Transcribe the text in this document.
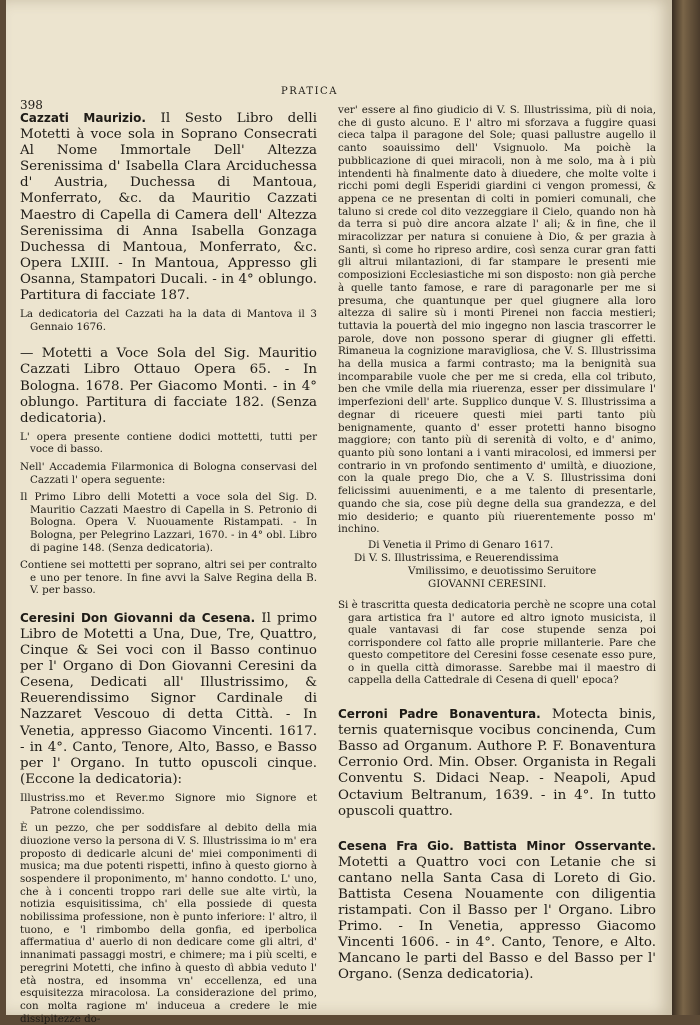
PRATICA
398

Cazzati Maurizio. Il Sesto Libro delli Motetti à voce sola in Soprano Consecrati Al Nome Immortale Dell' Altezza Serenissima d' Isabella Clara Arciduchessa d' Austria, Duchessa di Mantoua, Monferrato, &c. da Mauritio Cazzati Maestro di Capella di Camera dell' Altezza Serenissima di Anna Isabella Gonzaga Duchessa di Mantoua, Monferrato, &c. Opera LXIII. - In Mantoua, Appresso gli Osanna, Stampatori Ducali. - in 4° oblungo. Partitura di facciate 187.

La dedicatoria del Cazzati ha la data di Mantova il 3 Gennaio 1676.

— Motetti a Voce Sola del Sig. Mauritio Cazzati Libro Ottauo Opera 65. - In Bologna. 1678. Per Giacomo Monti. - in 4° oblungo. Partitura di facciate 182. (Senza dedicatoria).

L' opera presente contiene dodici mottetti, tutti per voce di basso.

Nell' Accademia Filarmonica di Bologna conservasi del Cazzati l' opera seguente:

Il Primo Libro delli Motetti a voce sola del Sig. D. Mauritio Cazzati Maestro di Capella in S. Petronio di Bologna. Opera V. Nuouamente Ristampati. - In Bologna, per Pelegrino Lazzari, 1670. - in 4° obl. Libro di pagine 148. (Senza dedicatoria).

Contiene sei mottetti per soprano, altri sei per contralto e uno per tenore. In fine avvi la Salve Regina della B. V. per basso.

Ceresini Don Giovanni da Cesena. Il primo Libro de Motetti a Una, Due, Tre, Quattro, Cinque & Sei voci con il Basso continuo per l' Organo di Don Giovanni Ceresini da Cesena, Dedicati all' Illustrissimo, & Reuerendissimo Signor Cardinale di Nazzaret Vescouo di detta Città. - In Venetia, appresso Giacomo Vincenti. 1617. - in 4°. Canto, Tenore, Alto, Basso, e Basso per l' Organo. In tutto opuscoli cinque. (Eccone la dedicatoria):

Illustriss.mo et Rever.mo Signore mio Signore et Patrone colendissimo.

È un pezzo, che per soddisfare al debito della mia diuozione verso la persona di V. S. Illustrissima io m' era proposto di dedicarle alcuni de' miei componimenti di musica; ma due potenti rispetti, infino à questo giorno à sospendere il proponimento, m' hanno condotto. L' uno, che à i concenti troppo rari delle sue alte virtù, la notizia esquisitissima, ch' ella possiede di questa nobilissima professione, non è punto inferiore: l' altro, il tuono, e 'l rimbombo della gonfia, ed iperbolica affermatiua d' auerlo di non dedicare come gli altri, d' innanimati passaggi mostri, e chimere; ma i più scelti, e peregrini Motetti, che infino à questo dì abbia veduto l' età nostra, ed insomma vn' eccellenza, ed una esquisitezza miracolosa. La considerazione del primo, con molta ragione m' induceua a credere le mie dissipitezze do-

ver' essere al fino giudicio di V. S. Illustrissima, più di noia, che di gusto alcuno. E l' altro mi sforzava a fuggire quasi cieca talpa il paragone del Sole; quasi pallustre augello il canto soauissimo dell' Vsignuolo. Ma poichè la pubblicazione di quei miracoli, non à me solo, ma à i più intendenti hà finalmente dato à diuedere, che molte volte i ricchi pomi degli Esperidi giardini ci vengon promessi, & appena ce ne presentan di colti in pomieri comunali, che taluno si crede col dito vezzeggiare il Cielo, quando non hà da terra si può dire ancora alzate l' ali; & in fine, che il miracolizzar per natura si conuiene à Dio, & per grazia à Santi, sì come ho ripreso ardire, così senza curar gran fatti gli altrui milantazioni, di far stampare le presenti mie composizioni Ecclesiastiche mi son disposto: non già perche à quelle tanto famose, e rare di paragonarle per me si presuma, che quantunque per quel giugnere alla loro altezza di salire sù i monti Pirenei non faccia mestieri; tuttavia la pouertà del mio ingegno non lascia trascorrer le parole, dove non possono sperar di giugner gli effetti. Rimaneua la cognizione maravigliosa, che V. S. Illustrissima ha della musica a farmi contrasto; ma la benignità sua incomparabile vuole che per me si creda, ella col tributo, ben che vmile della mia riuerenza, esser per dissimulare l' imperfezioni dell' arte. Supplico dunque V. S. Illustrissima a degnar di riceuere questi miei parti tanto più benignamente, quanto d' esser protetti hanno bisogno maggiore; con tanto più di serenità di volto, e d' animo, quanto più sono lontani a i vanti miracolosi, ed immersi per contrario in vn profondo sentimento d' umiltà, e diuozione, con la quale prego Dio, che a V. S. Illustrissima doni felicissimi auuenimenti, e a me talento di presentarle, quando che sia, cose più degne della sua grandezza, e del mio desiderio; e quanto più riuerentemente posso m' inchino.

Di Venetia il Primo di Genaro 1617.

Di V. S. Illustrissima, e Reuerendissima

Vmilissimo, e deuotissimo Seruitore

GIOVANNI CERESINI.

Si è trascritta questa dedicatoria perchè ne scopre una cotal gara artistica fra l' autore ed altro ignoto musicista, il quale vantavasi di far cose stupende senza poi corrispondere col fatto alle proprie millanterie. Pare che questo competitore del Ceresini fosse cesenate esso pure, o in quella città dimorasse. Sarebbe mai il maestro di cappella della Cattedrale di Cesena di quell' epoca?

Cerroni Padre Bonaventura. Motecta binis, ternis quaternisque vocibus concinenda, Cum Basso ad Organum. Authore P. F. Bonaventura Cerronio Ord. Min. Obser. Organista in Regali Conventu S. Didaci Neap. - Neapoli, Apud Octavium Beltranum, 1639. - in 4°. In tutto opuscoli quattro.

Cesena Fra Gio. Battista Minor Osservante. Motetti a Quattro voci con Letanie che si cantano nella Santa Casa di Loreto di Gio. Battista Cesena Nouamente con diligentia ristampati. Con il Basso per l' Organo. Libro Primo. - In Venetia, appresso Giacomo Vincenti 1606. - in 4°. Canto, Tenore, e Alto. Mancano le parti del Basso e del Basso per l' Organo. (Senza dedicatoria).
